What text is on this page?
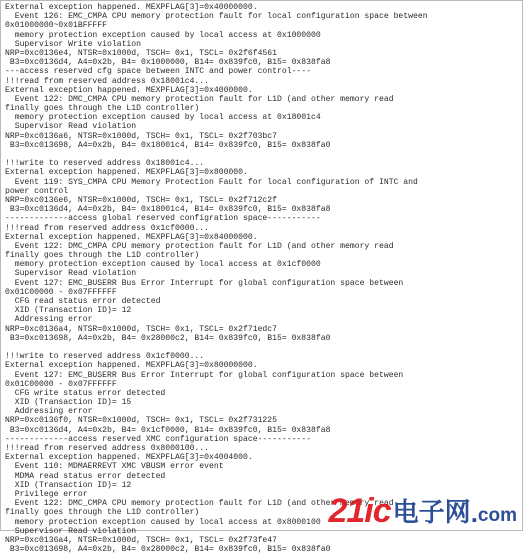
External exception happened. MEXPFLAG[3]=0x40000000.
Event 126: EMC_CMPA CPU memory protection fault for local configuration space between
0x01000000~0x01BFFFFF
memory protection exception caused by local access at 0x1000000
Supervisor Write violation
NRP=0xc0136e4, NTSR=0x1000d, TSCH= 0x1, TSCL= 0x2f6f4561
B3=0xc0136d4, A4=0x2b, B4= 0x1000000, B14= 0x839fc0, B15= 0x838fa8
---access reserved cfg space between INTC and power control----
!!!read from reserved address 0x18001c4...
External exception happened. MEXPFLAG[3]=0x4000000.
Event 122: DMC_CMPA CPU memory protection fault for L1D (and other memory read
finally goes through the L1D controller)
memory protection exception caused by local access at 0x18001c4
Supervisor Read violation
NRP=0xc0136a6, NTSR=0x1000d, TSCH= 0x1, TSCL= 0x2f703bc7
B3=0xc013698, A4=0x2b, B4= 0x18001c4, B14= 0x839fc0, B15= 0x838fa0
!!!write to reserved address 0x18001c4...
External exception happened. MEXPFLAG[3]=0x800000.
Event 119: SYS_CMPA CPU Memory Protection Fault for local configuration of INTC and
power control
NRP=0xc0136e6, NTSR=0x1000d, TSCH= 0x1, TSCL= 0x2f712c2f
B3=0xc0136d4, A4=0x2b, B4= 0x18001c4, B14= 0x839fc0, B15= 0x838fa8
-------------access global reserved configration space-----------
!!!read from reserved address 0x1cf0000...
External exception happened. MEXPFLAG[3]=0x84000000.
Event 122: DMC_CMPA CPU memory protection fault for L1D (and other memory read
finally goes through the L1D controller)
memory protection exception caused by local access at 0x1cf0000
Supervisor Read violation
Event 127: EMC_BUSERR Bus Error Interrupt for global configuration space between
0x01C00000 - 0x07FFFFFF
CFG read status error detected
XID (Transaction ID)= 12
Addressing error
NRP=0xc0136a4, NTSR=0x1000d, TSCH= 0x1, TSCL= 0x2f71edc7
B3=0xc013698, A4=0x2b, B4= 0x28000c2, B14= 0x839fc0, B15= 0x838fa0
!!!write to reserved address 0x1cf0000...
External exception happened. MEXPFLAG[3]=0x80000000.
Event 127: EMC_BUSERR Bus Error Interrupt for global configuration space between
0x01C00000 - 0x07FFFFFF
CFG write status error detected
XID (Transaction ID)= 15
Addressing error
NRP=0xc0136f0, NTSR=0x1000d, TSCH= 0x1, TSCL= 0x2f731225
B3=0xc0136d4, A4=0x2b, B4= 0x1cf0000, B14= 0x839fc0, B15= 0x838fa8
-------------access reserved XMC configuration space-----------
!!!read from reserved address 0x8000100...
External exception happened. MEXPFLAG[3]=0x4004000.
Event 110: MDMAERREVT XMC VBUSM error event
MDMA read status error detected
XID (Transaction ID)= 12
Privilege error
Event 122: DMC_CMPA CPU memory protection fault for L1D (and other memory read
finally goes through the L1D controller)
memory protection exception caused by local access at 0x8000100
Supervisor Read violation
NRP=0xc0136a4, NTSR=0x1000d, TSCH= 0x1, TSCL= 0x2f73fe47
B3=0xc013698, A4=0x2b, B4= 0x28000c2, B14= 0x839fc0, B15= 0x838fa0
21ic 电子网 . com
